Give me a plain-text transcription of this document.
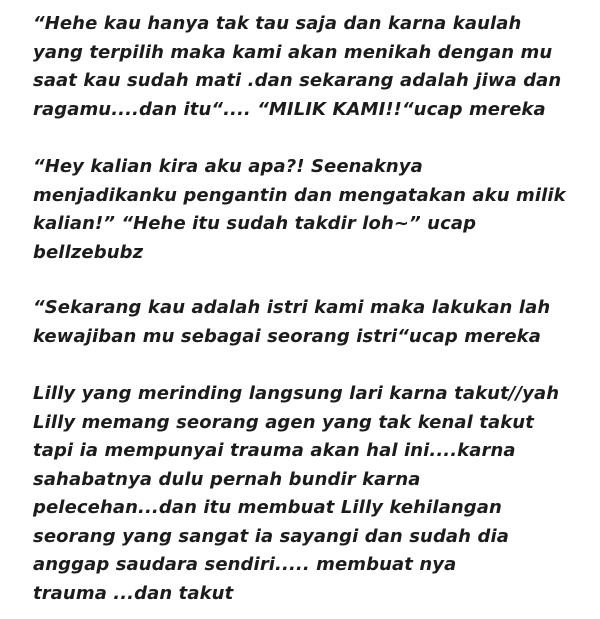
“Hehe kau hanya tak tau saja dan karna kaulah
yang terpilih maka kami akan menikah dengan mu
saat kau sudah mati .dan sekarang adalah jiwa dan
ragamu....dan itu“.... “MILIK KAMI!!“ucap mereka
“Hey kalian kira aku apa?! Seenaknya
menjadikanku pengantin dan mengatakan aku milik
kalian!” “Hehe itu sudah takdir loh~” ucap
bellzebubz
“Sekarang kau adalah istri kami maka lakukan lah
kewajiban mu sebagai seorang istri“ucap mereka
Lilly yang merinding langsung lari karna takut//yah
Lilly memang seorang agen yang tak kenal takut
tapi ia mempunyai trauma akan hal ini....karna
sahabatnya dulu pernah bundir karna
pelecehan...dan itu membuat Lilly kehilangan
seorang yang sangat ia sayangi dan sudah dia
anggap saudara sendiri..... membuat nya
trauma ...dan takut
